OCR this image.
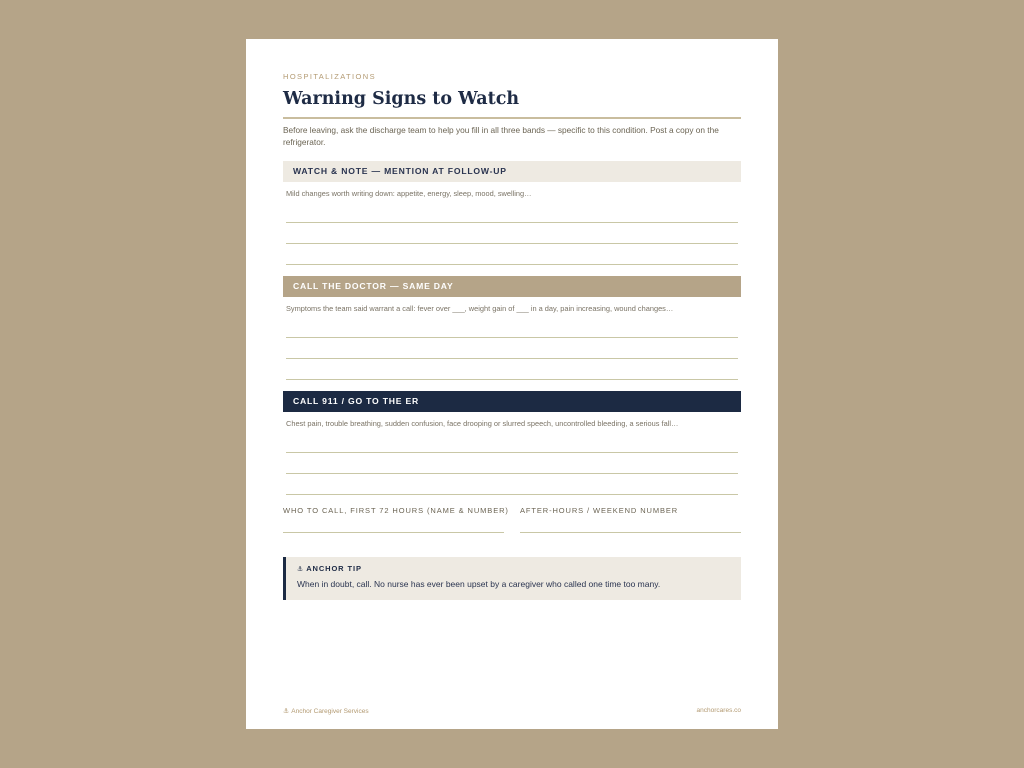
HOSPITALIZATIONS
Warning Signs to Watch
Before leaving, ask the discharge team to help you fill in all three bands — specific to this condition. Post a copy on the refrigerator.
WATCH & NOTE — MENTION AT FOLLOW-UP
Mild changes worth writing down: appetite, energy, sleep, mood, swelling…
CALL THE DOCTOR — SAME DAY
Symptoms the team said warrant a call: fever over ___, weight gain of ___ in a day, pain increasing, wound changes…
CALL 911 / GO TO THE ER
Chest pain, trouble breathing, sudden confusion, face drooping or slurred speech, uncontrolled bleeding, a serious fall…
WHO TO CALL, FIRST 72 HOURS (NAME & NUMBER) AFTER-HOURS / WEEKEND NUMBER
⚓ ANCHOR TIP
When in doubt, call. No nurse has ever been upset by a caregiver who called one time too many.
⚓ Anchor Caregiver Services	anchorcares.co
